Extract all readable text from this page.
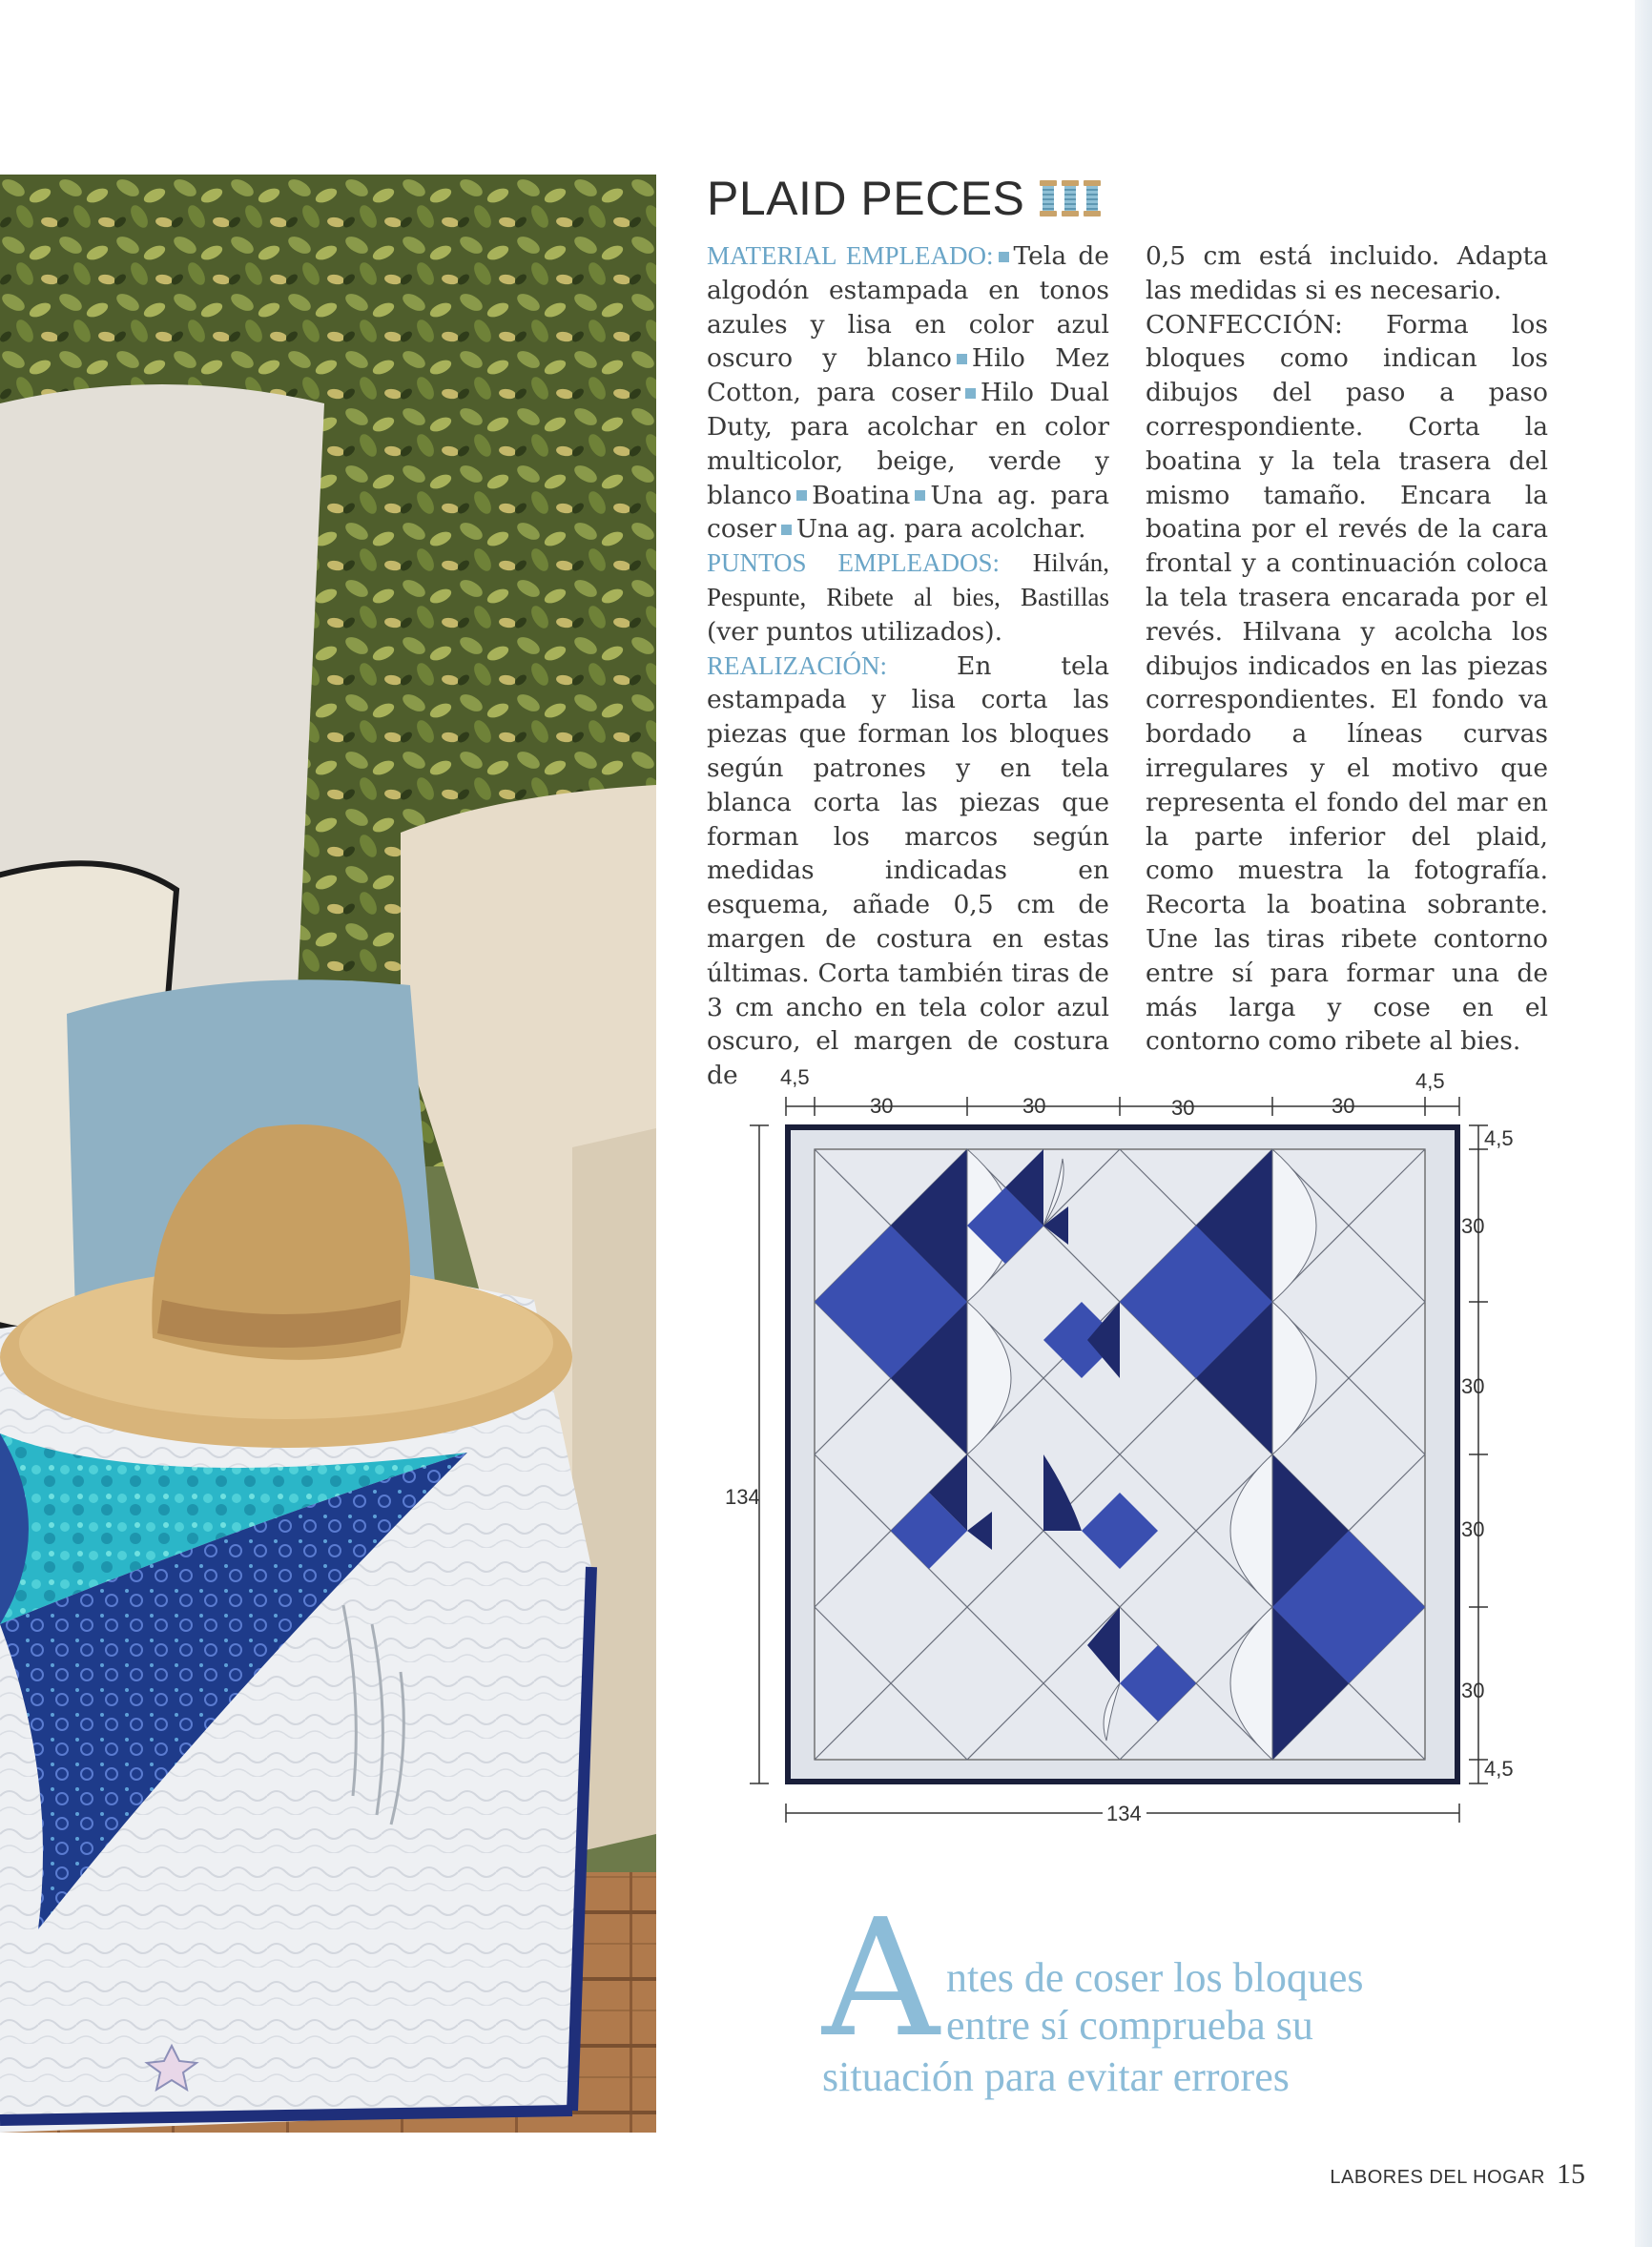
PLAID PECES

MATERIAL EMPLEADO: Tela de algodón estampada en tonos azules y lisa en color azul oscuro y blanco Hilo Mez Cotton, para coser Hilo Dual Duty, para acolchar en color multicolor, beige, verde y blanco Boatina Una ag. para coser Una ag. para acolchar.

PUNTOS EMPLEADOS: Hilván, Pespunte, Ribete al bies, Bastillas (ver puntos utilizados).

REALIZACIÓN:	En tela estampada y lisa corta las piezas que forman los bloques según patrones y en tela blanca corta las piezas que forman los marcos según medidas indicadas en esquema, añade 0,5 cm de margen de costura en estas últimas. Corta también tiras de 3 cm ancho en tela color azul oscuro, el margen de costura de

0,5 cm está incluido. Adapta las medidas si es necesario.

CONFECCIÓN: Forma los bloques como indican los dibujos del paso a paso correspondiente. Corta la boatina y la tela trasera del mismo tamaño. Encara la boatina por el revés de la cara frontal y a continuación coloca la tela trasera encarada por el revés. Hilvana y acolcha los dibujos indicados en las piezas correspondientes. El fondo va bordado a líneas curvas irregulares y el motivo que representa el fondo del mar en la parte inferior del plaid, como muestra la fotografía. Recorta la boatina sobrante. Une las tiras ribete contorno entre sí para formar una de más larga y cose en el contorno como ribete al bies.

4,5
30	30	30	30
4,5
4,5
30
30
30
30
4,5
134
134
A ntes de coser los bloques
entre sí comprueba su
situación para evitar errores
LABORES DEL HOGAR 15
